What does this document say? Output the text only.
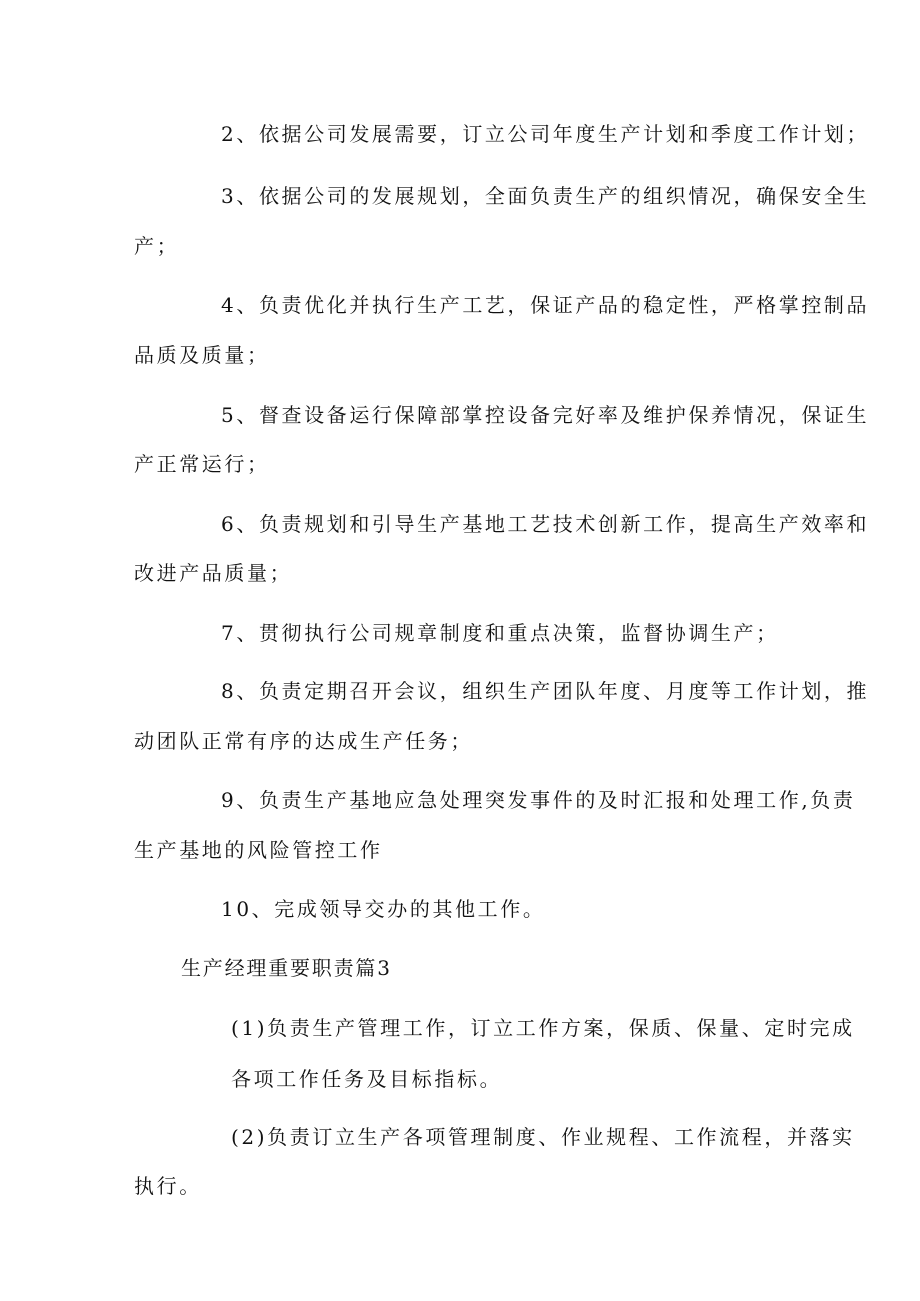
2、依据公司发展需要，订立公司年度生产计划和季度工作计划；
3、依据公司的发展规划，全面负责生产的组织情况，确保安全生
产；
4、负责优化并执行生产工艺，保证产品的稳定性，严格掌控制品
品质及质量；
5、督查设备运行保障部掌控设备完好率及维护保养情况，保证生
产正常运行；
6、负责规划和引导生产基地工艺技术创新工作，提高生产效率和
改进产品质量；
7、贯彻执行公司规章制度和重点决策，监督协调生产；
8、负责定期召开会议，组织生产团队年度、月度等工作计划，推
动团队正常有序的达成生产任务；
9、负责生产基地应急处理突发事件的及时汇报和处理工作,负责
生产基地的风险管控工作
10、完成领导交办的其他工作。
生产经理重要职责篇3
(1)负责生产管理工作，订立工作方案，保质、保量、定时完成
各项工作任务及目标指标。
(2)负责订立生产各项管理制度、作业规程、工作流程，并落实
执行。
